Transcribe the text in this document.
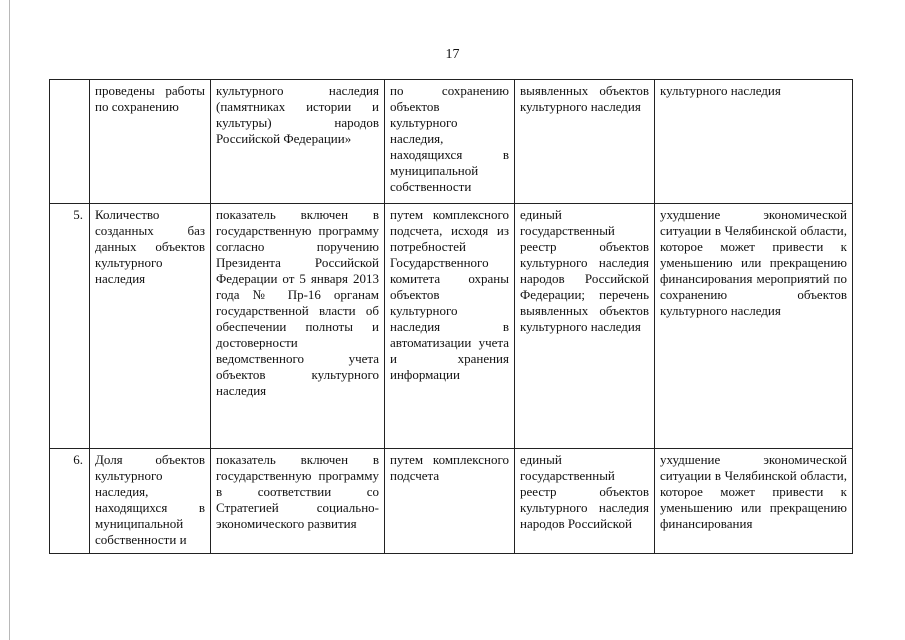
17

	проведены работы по сохранению	культурного наследия (памятниках истории и культуры) народов Российской Федерации»	по сохранению объектов культурного наследия, находящихся в муниципальной собственности	выявленных объектов культурного наследия	культурного наследия

5.	Количество созданных баз данных объектов культурного наследия	показатель включен в государственную программу согласно поручению Президента Российской Федерации от 5 января 2013 года № Пр-16 органам государственной власти об обеспечении полноты и достоверности ведомственного учета объектов культурного наследия	путем комплексного подсчета, исходя из потребностей Государственного комитета охраны объектов культурного наследия в автоматизации учета и хранения информации	единый государственный реестр объектов культурного наследия народов Российской Федерации; перечень выявленных объектов культурного наследия	ухудшение экономической ситуации в Челябинской области, которое может привести к уменьшению или прекращению финансирования мероприятий по сохранению объектов культурного наследия

6.	Доля объектов культурного наследия, находящихся в муниципальной собственности и	показатель включен в государственную программу в соответствии со Стратегией социально-экономического развития	путем комплексного подсчета	единый государственный реестр объектов культурного наследия народов Российской	ухудшение экономической ситуации в Челябинской области, которое может привести к уменьшению или прекращению финансирования
